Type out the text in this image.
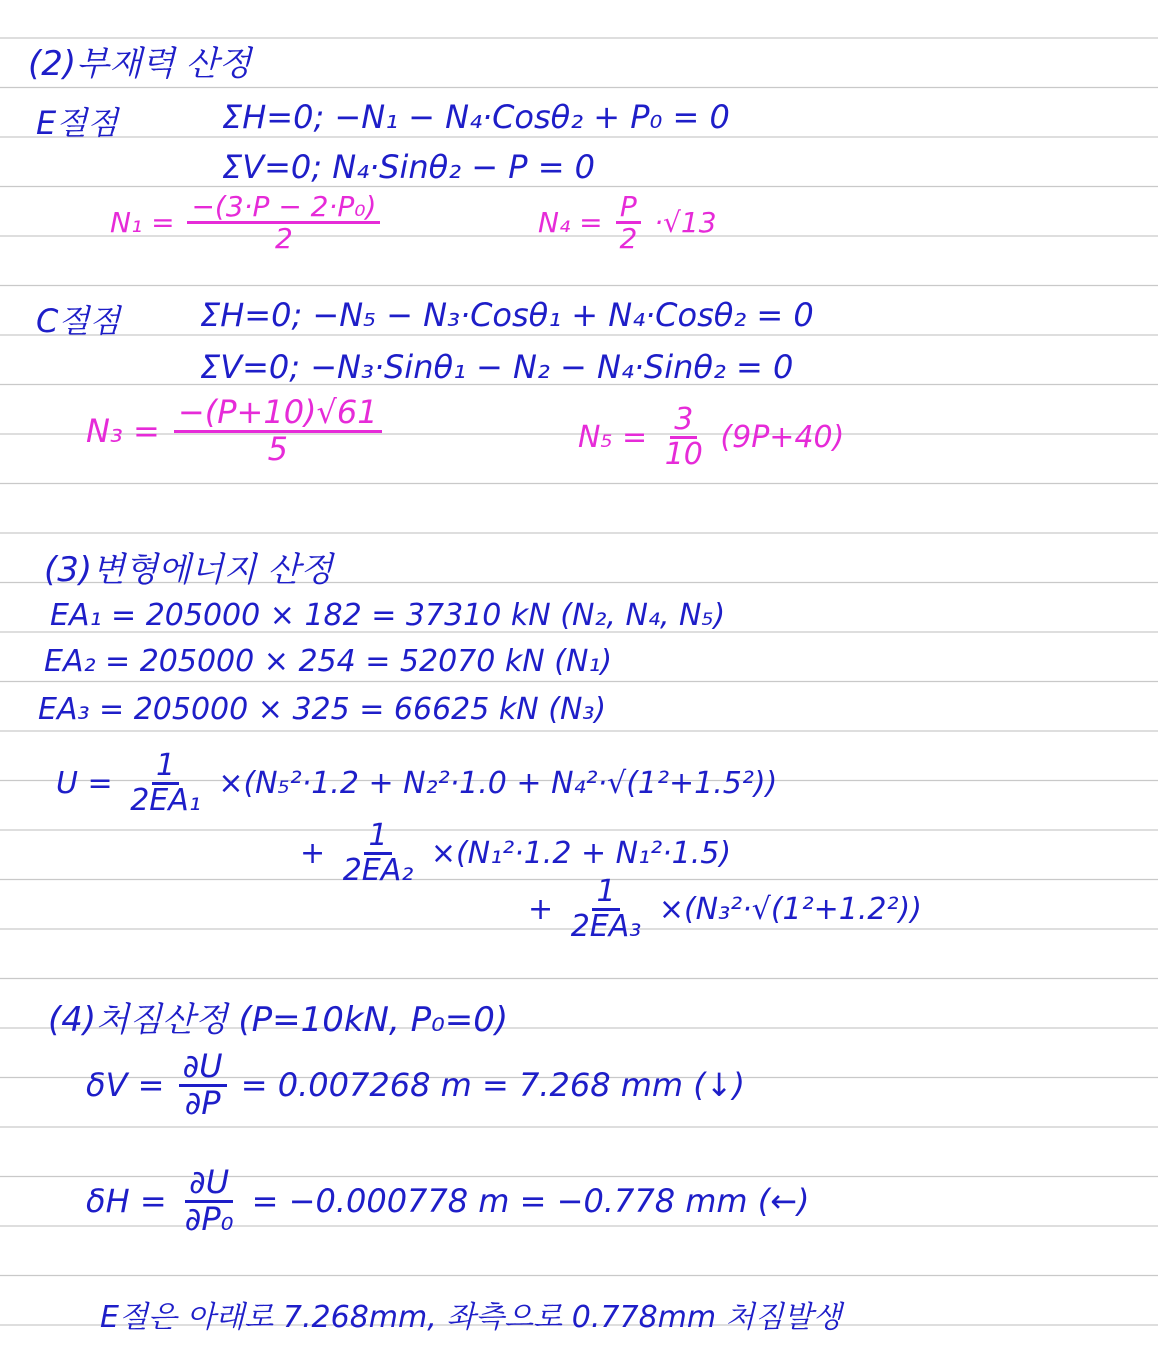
(2)부재력 산정
E절점	ΣH=0; −N₁ − N₄·Cosθ₂ + P₀ = 0
ΣV=0; N₄·Sinθ₂ − P = 0
$N_1 = \frac{\text{−(3·P − 2·P₀)}}{2}$	$N_4 = \frac{P}{2} \cdot√13$
C절점 ΣH=0; −N₅ − N₃·Cosθ₁ + N₄·Cosθ₂ = 0
ΣV=0; −N₃·Sinθ₁ − N₂ − N₄·Sinθ₂ = 0
$N_3 = \frac{-(P+10)√61}{5}$	$N_5 = \frac{3}{10} (9P+40)$
(3)변형에너지 산정
EA₁ = 205000 × 182 = 37310 kN (N₂, N₄, N₅)
EA₂ = 205000 × 254 = 52070 kN (N₁)
EA₃ = 205000 × 325 = 66625 kN (N₃)
$U = \frac{1}{\text{2EA₁}} \times(N_5^2\cdot 1.2 + N_2^2\cdot 1.0 + N_4^2\cdot√(1^2+1.5^2))$
+ $\frac{1}{\text{2EA₂}} \times(N_1^2\cdot 1.2 + N_1^2\cdot 1.5)$
+ $\frac{1}{\text{2EA₃}} \times(N_3^2\cdot√(1^2+1.2^2))$
(4)처짐산정 (P=10kN, P₀=0)
$\delta V = \frac{\partial U}{\partial P} = 0.007268$ m = 7.268 mm (↓)
$\delta H = \frac{\partial U}{\text{∂P₀}} = -0.000778$ m = −0.778 mm (←)
E절은 아래로 7.268mm, 좌측으로 0.778mm 처짐발생
